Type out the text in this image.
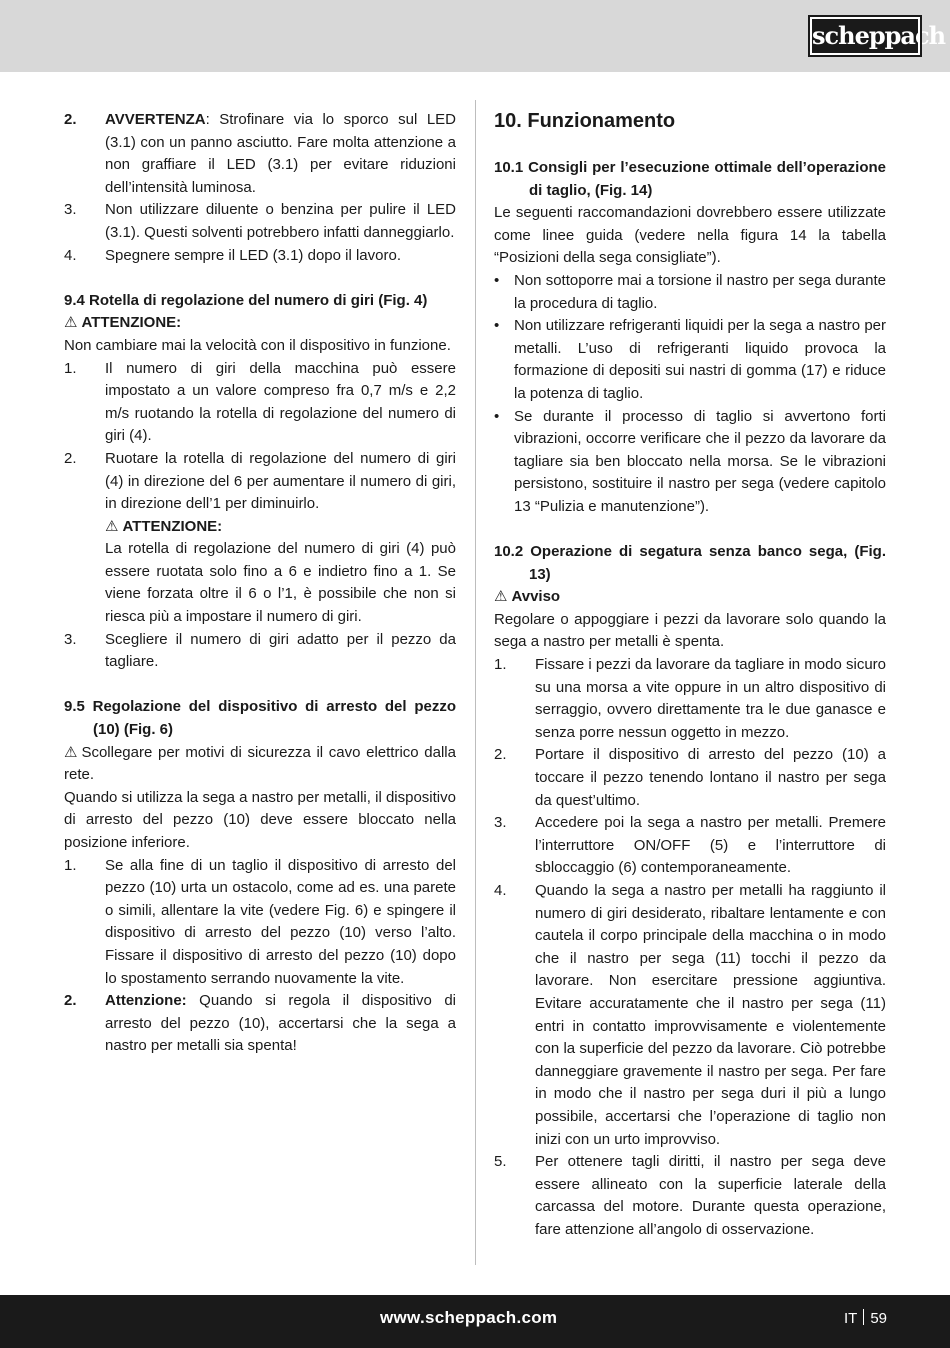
scheppach
2. AVVERTENZA: Strofinare via lo sporco sul LED (3.1) con un panno asciutto. Fare molta attenzione a non graffiare il LED (3.1) per evitare riduzioni dell’intensità luminosa.
3. Non utilizzare diluente o benzina per pulire il LED (3.1). Questi solventi potrebbero infatti danneggiarlo.
4. Spegnere sempre il LED (3.1) dopo il lavoro.

9.4 Rotella di regolazione del numero di giri (Fig. 4)

⚠ ATTENZIONE:

Non cambiare mai la velocità con il dispositivo in funzione.

1. Il numero di giri della macchina può essere impostato a un valore compreso fra 0,7 m/s e 2,2 m/s ruotando la rotella di regolazione del numero di giri (4).
2. Ruotare la rotella di regolazione del numero di giri (4) in direzione del 6 per aumentare il numero di giri, in direzione dell’1 per diminuirlo.

⚠ ATTENZIONE:

La rotella di regolazione del numero di giri (4) può essere ruotata solo fino a 6 e indietro fino a 1. Se viene forzata oltre il 6 o l’1, è possibile che non si riesca più a impostare il numero di giri.

3. Scegliere il numero di giri adatto per il pezzo da tagliare.

9.5 Regolazione del dispositivo di arresto del pezzo (10) (Fig. 6)

⚠ Scollegare per motivi di sicurezza il cavo elettrico dalla rete.

Quando si utilizza la sega a nastro per metalli, il dispositivo di arresto del pezzo (10) deve essere bloccato nella posizione inferiore.

1. Se alla fine di un taglio il dispositivo di arresto del pezzo (10) urta un ostacolo, come ad es. una parete o simili, allentare la vite (vedere Fig. 6) e spingere il dispositivo di arresto del pezzo (10) verso l’alto. Fissare il dispositivo di arresto del pezzo (10) dopo lo spostamento serrando nuovamente la vite.
2. Attenzione: Quando si regola il dispositivo di arresto del pezzo (10), accertarsi che la sega a nastro per metalli sia spenta!
10. Funzionamento

10.1 Consigli per l’esecuzione ottimale dell’operazione di taglio, (Fig. 14)

Le seguenti raccomandazioni dovrebbero essere utilizzate come linee guida (vedere nella figura 14 la tabella “Posizioni della sega consigliate”).

• Non sottoporre mai a torsione il nastro per sega durante la procedura di taglio.
• Non utilizzare refrigeranti liquidi per la sega a nastro per metalli. L’uso di refrigeranti liquido provoca la formazione di depositi sui nastri di gomma (17) e riduce la potenza di taglio.
• Se durante il processo di taglio si avvertono forti vibrazioni, occorre verificare che il pezzo da lavorare da tagliare sia ben bloccato nella morsa. Se le vibrazioni persistono, sostituire il nastro per sega (vedere capitolo 13 “Pulizia e manutenzione”).

10.2 Operazione di segatura senza banco sega, (Fig. 13)

⚠ Avviso

Regolare o appoggiare i pezzi da lavorare solo quando la sega a nastro per metalli è spenta.

1. Fissare i pezzi da lavorare da tagliare in modo sicuro su una morsa a vite oppure in un altro dispositivo di serraggio, ovvero direttamente tra le due ganasce e senza porre nessun oggetto in mezzo.
2. Portare il dispositivo di arresto del pezzo (10) a toccare il pezzo tenendo lontano il nastro per sega da quest’ultimo.
3. Accedere poi la sega a nastro per metalli. Premere l’interruttore ON/OFF (5) e l’interruttore di sbloccaggio (6) contemporaneamente.
4. Quando la sega a nastro per metalli ha raggiunto il numero di giri desiderato, ribaltare lentamente e con cautela il corpo principale della macchina o in modo che il nastro per sega (11) tocchi il pezzo da lavorare. Non esercitare pressione aggiuntiva. Evitare accuratamente che il nastro per sega (11) entri in contatto improvvisamente e violentemente con la superficie del pezzo da lavorare. Ciò potrebbe danneggiare gravemente il nastro per sega. Per fare in modo che il nastro per sega duri il più a lungo possibile, accertarsi che l’operazione di taglio non inizi con un urto improvviso.
5. Per ottenere tagli diritti, il nastro per sega deve essere allineato con la superficie laterale della carcassa del motore. Durante questa operazione, fare attenzione all’angolo di osservazione.
www.scheppach.com	IT 59
